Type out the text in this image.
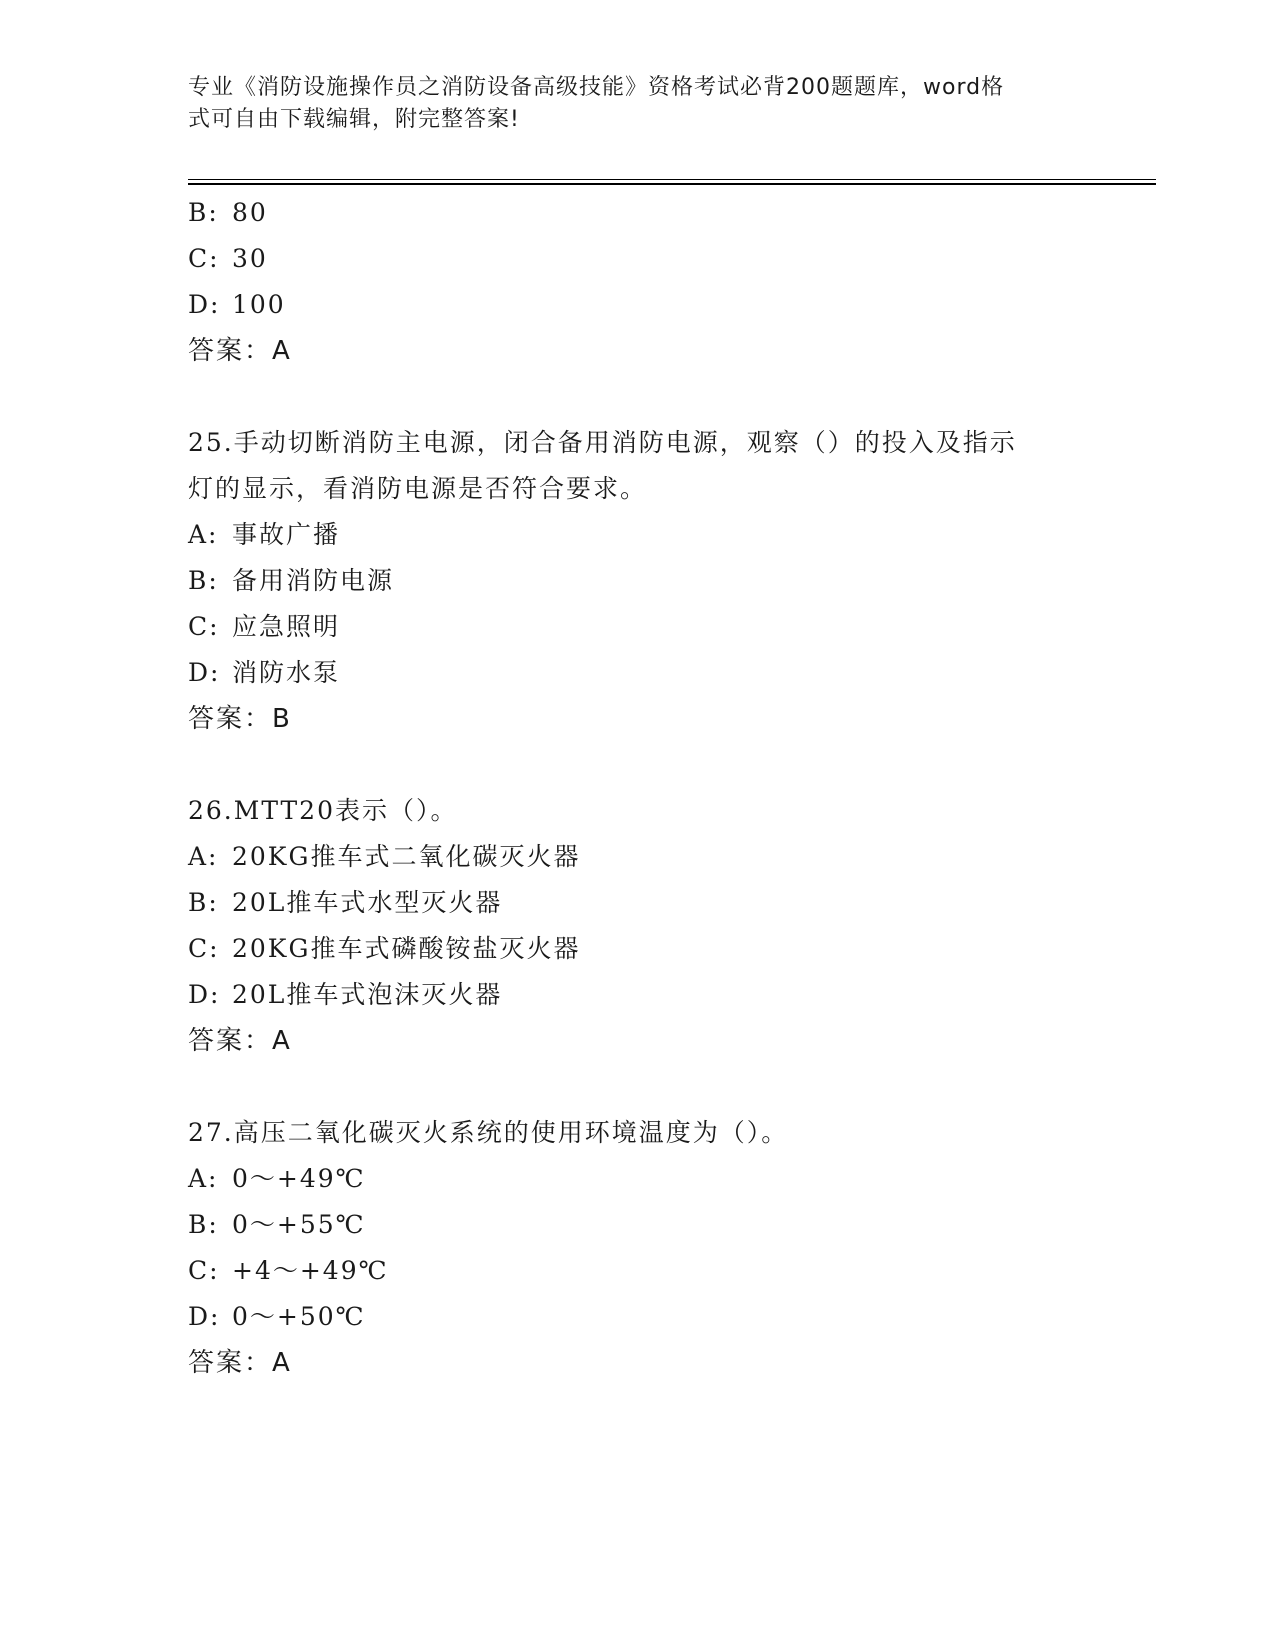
专业《消防设施操作员之消防设备高级技能》资格考试必背200题题库，word格
式可自由下载编辑，附完整答案!
B: 80
C: 30
D: 100
答案：A
25.手动切断消防主电源，闭合备用消防电源，观察（）的投入及指示
灯的显示，看消防电源是否符合要求。
A: 事故广播
B: 备用消防电源
C: 应急照明
D: 消防水泵
答案：B
26.MTT20表示（）。
A: 20KG推车式二氧化碳灭火器
B: 20L推车式水型灭火器
C: 20KG推车式磷酸铵盐灭火器
D: 20L推车式泡沫灭火器
答案：A
27.高压二氧化碳灭火系统的使用环境温度为（）。
A: 0～+49℃
B: 0～+55℃
C: +4～+49℃
D: 0～+50℃
答案：A
